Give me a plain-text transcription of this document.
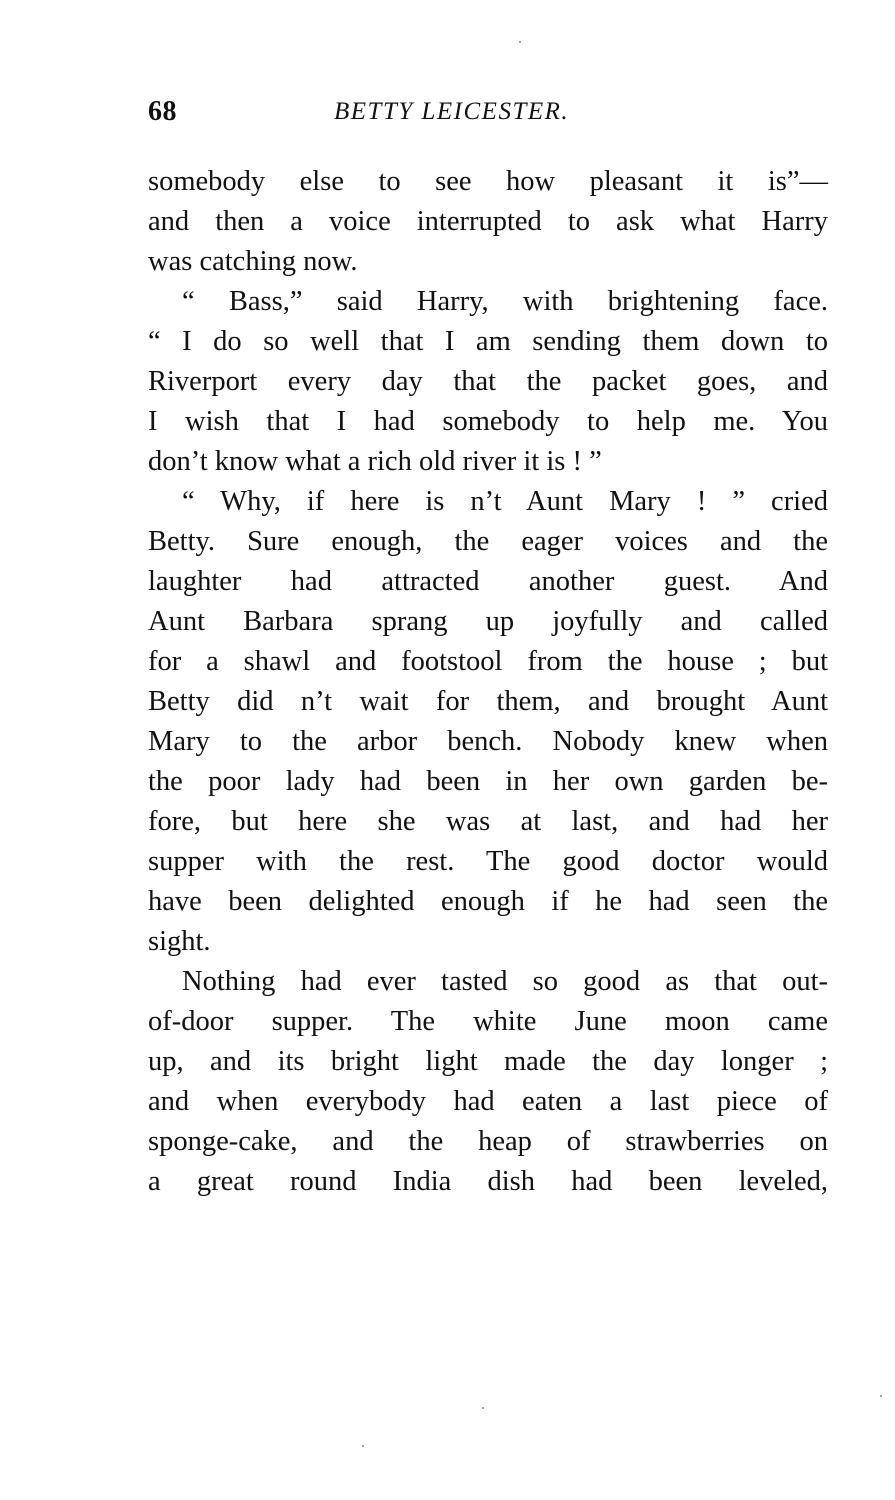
68	BETTY LEICESTER.
somebody else to see how pleasant it is”—
and then a voice interrupted to ask what Harry
was catching now.
“ Bass,” said Harry, with brightening face.
“ I do so well that I am sending them down to
Riverport every day that the packet goes, and
I wish that I had somebody to help me. You
don’t know what a rich old river it is ! ”
“ Why, if here is n’t Aunt Mary ! ” cried
Betty. Sure enough, the eager voices and the
laughter had attracted another guest. And
Aunt Barbara sprang up joyfully and called
for a shawl and footstool from the house ; but
Betty did n’t wait for them, and brought Aunt
Mary to the arbor bench. Nobody knew when
the poor lady had been in her own garden be-
fore, but here she was at last, and had her
supper with the rest. The good doctor would
have been delighted enough if he had seen the
sight.
Nothing had ever tasted so good as that out-
of-door supper. The white June moon came
up, and its bright light made the day longer ;
and when everybody had eaten a last piece of
sponge-cake, and the heap of strawberries on
a great round India dish had been leveled,
